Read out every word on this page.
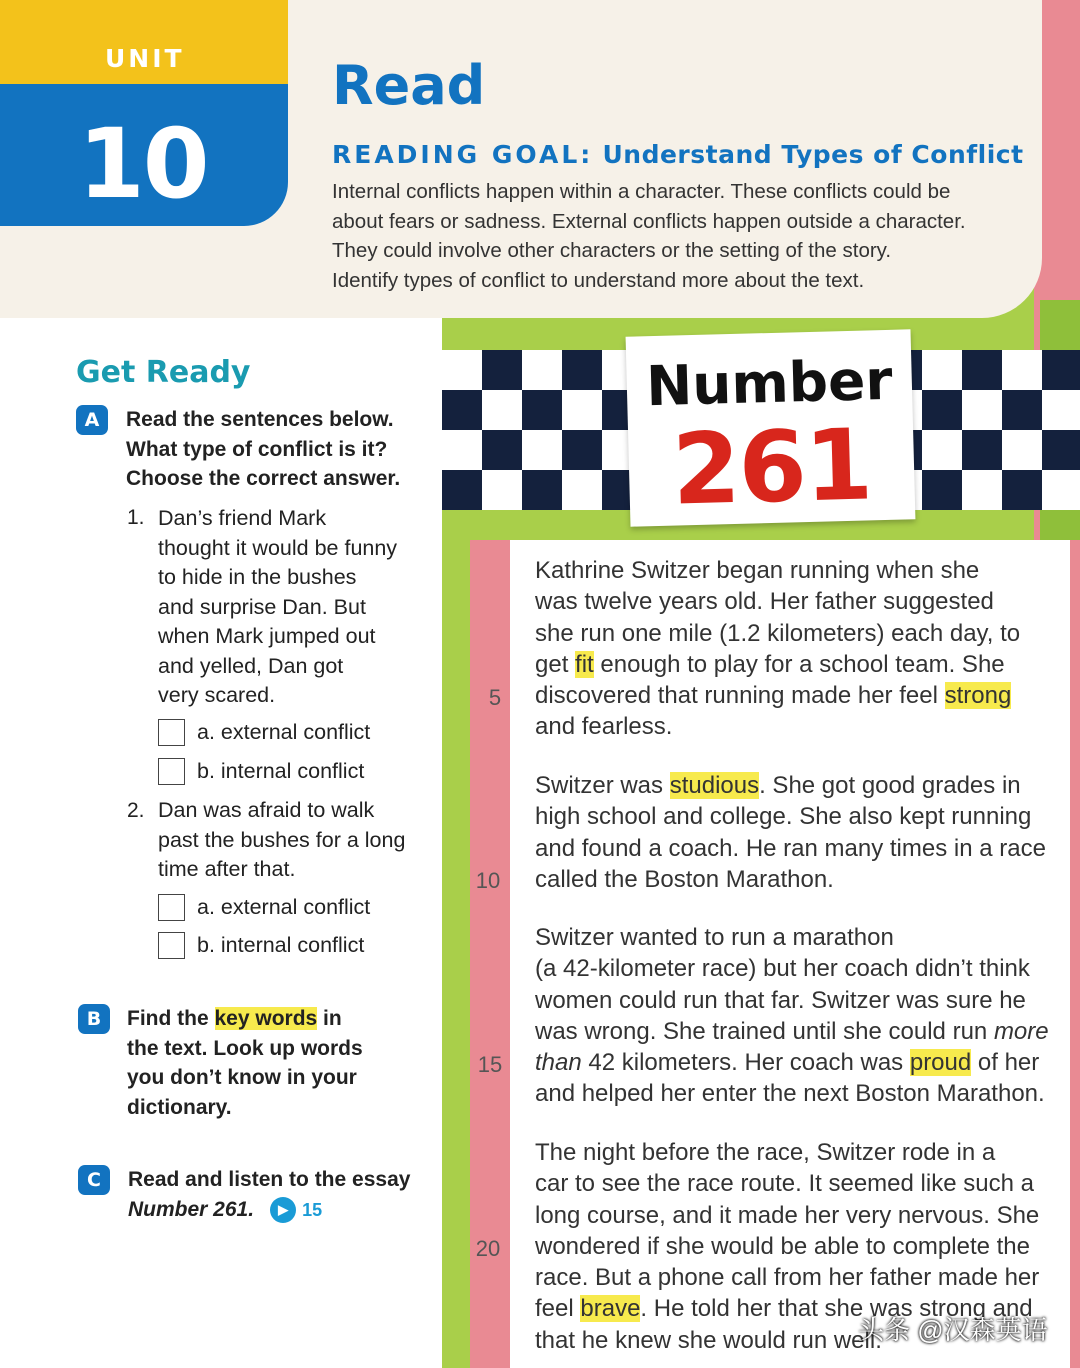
UNIT
10
Read
READING GOAL: Understand Types of Conflict
Internal conflicts happen within a character. These conflicts could be
about fears or sadness. External conflicts happen outside a character.
They could involve other characters or the setting of the story.
Identify types of conflict to understand more about the text.
Get Ready
A	Read the sentences below.
What type of conflict is it?
Choose the correct answer.
1. Dan’s friend Mark
thought it would be funny
to hide in the bushes
and surprise Dan. But
when Mark jumped out
and yelled, Dan got
very scared.
a. external conflict
b. internal conflict
2. Dan was afraid to walk
past the bushes for a long
time after that.
a. external conflict
b. internal conflict
B	Find the key words in
the text. Look up words
you don’t know in your
dictionary.
C	Read and listen to the essay
Number 261. ▶ 15
Number
261
5
10
15
20
Kathrine Switzer began running when she
was twelve years old. Her father suggested
she run one mile (1.2 kilometers) each day, to
get fit enough to play for a school team. She
discovered that running made her feel strong
and fearless.
Switzer was studious. She got good grades in
high school and college. She also kept running
and found a coach. He ran many times in a race
called the Boston Marathon.
Switzer wanted to run a marathon
(a 42-kilometer race) but her coach didn’t think
women could run that far. Switzer was sure he
was wrong. She trained until she could run more
than 42 kilometers. Her coach was proud of her
and helped her enter the next Boston Marathon.
The night before the race, Switzer rode in a
car to see the race route. It seemed like such a
long course, and it made her very nervous. She
wondered if she would be able to complete the
race. But a phone call from her father made her
feel brave. He told her that she was strong and
that he knew she would run well.
头条 @汉森英语
